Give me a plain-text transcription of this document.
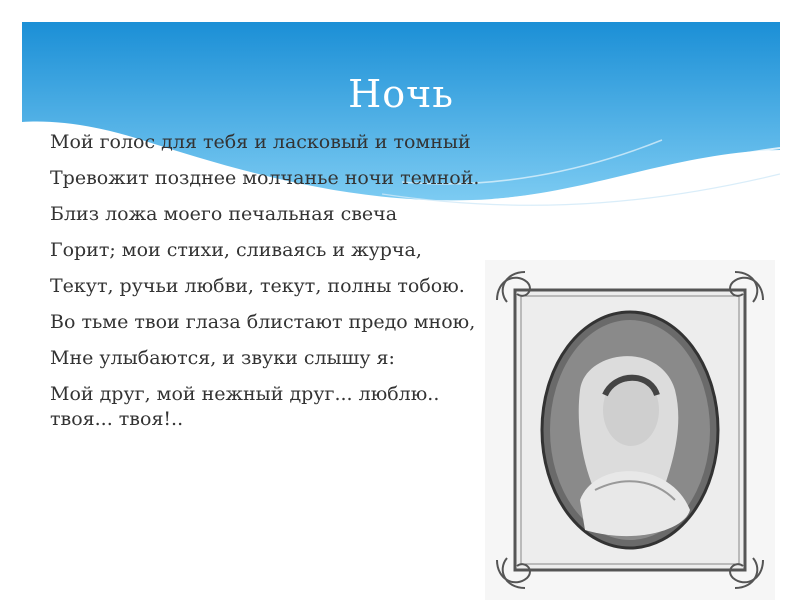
Ночь

Мой голос для тебя и ласковый и томный

Тревожит позднее молчанье ночи темной.

Близ ложа моего печальная свеча

Горит; мои стихи, сливаясь и журча,

Текут, ручьи любви, текут, полны тобою.

Во тьме твои глаза блистают предо мною,

Мне улыбаются, и звуки слышу я:

Мой друг, мой нежный друг... люблю.. твоя... твоя!..
